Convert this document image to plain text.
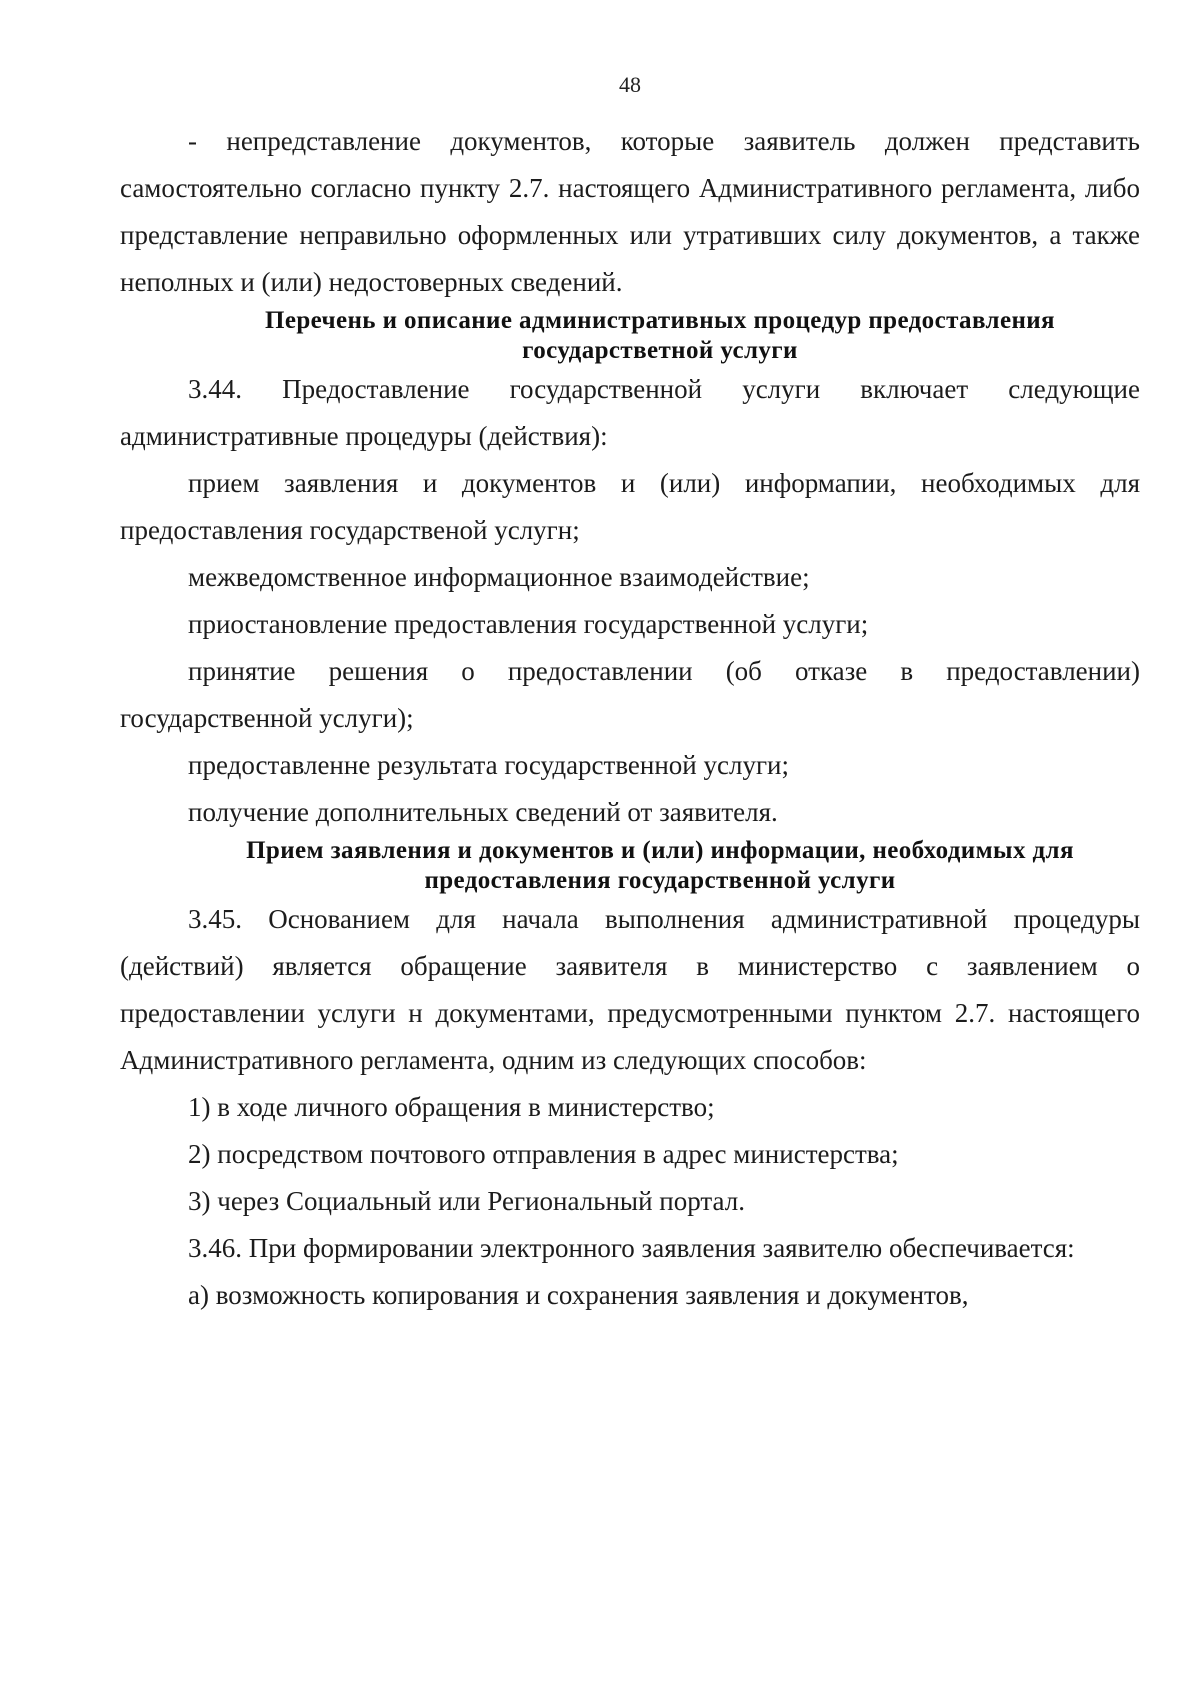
48

- непредставление документов, которые заявитель должен представить самостоятельно согласно пункту 2.7. настоящего Административного регламента, либо представление неправильно оформленных или утративших силу документов, а также неполных и (или) недостоверных сведений.

Перечень и описание административных процедур предоставления государстветной услуги

3.44. Предоставление государственной услуги включает следующие административные процедуры (действия):

прием заявления и документов и (или) информапии, необходимых для предоставления государственой услугн;

межведомственное информационное взаимодействие;

приостановление предоставления государственной услуги;

принятие решения о предоставлении (об отказе в предоставлении) государственной услуги);

предоставленне результата государственной услуги;

получение дополнительных сведений от заявителя.

Прием заявления и документов и (или) информации, необходимых для предоставления государственной услуги

3.45. Основанием для начала выполнения административной процедуры (действий) является обращение заявителя в министерство с заявлением о предоставлении услуги н документами, предусмотренными пунктом 2.7. настоящего Административного регламента, одним из следующих способов:

1) в ходе личного обращения в министерство;

2) посредством почтового отправления в адрес министерства;

3) через Социальный или Региональный портал.

3.46. При формировании электронного заявления заявителю обеспечивается:

а) возможность копирования и сохранения заявления и документов,
